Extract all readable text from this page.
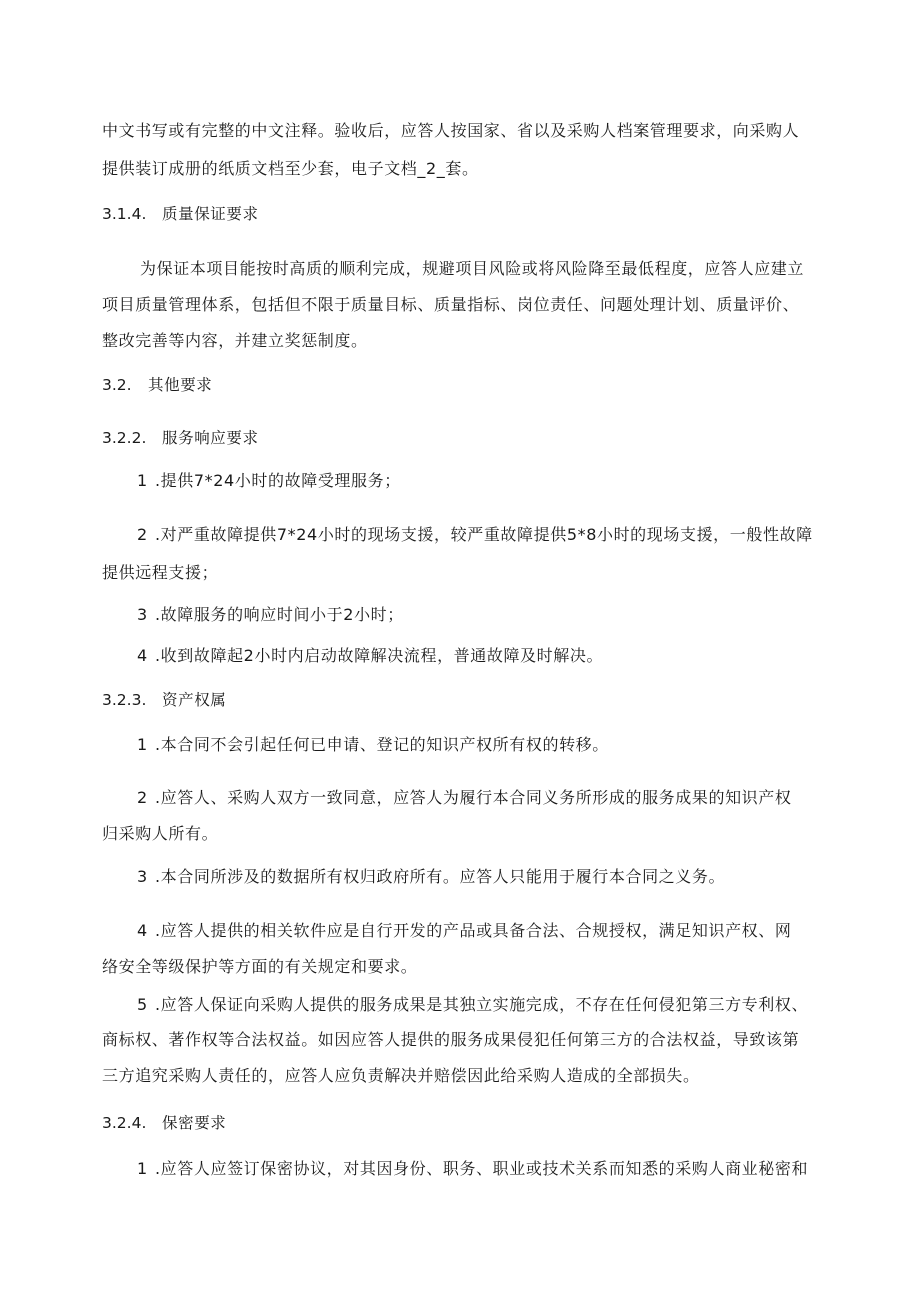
中文书写或有完整的中文注释。验收后，应答人按国家、省以及采购人档案管理要求，向采购人
提供装订成册的纸质文档至少套，电子文档_2_套。
3.1.4. 质量保证要求
为保证本项目能按时高质的顺利完成，规避项目风险或将风险降至最低程度，应答人应建立
项目质量管理体系，包括但不限于质量目标、质量指标、岗位责任、问题处理计划、质量评价、
整改完善等内容，并建立奖惩制度。
3.2. 其他要求
3.2.2. 服务响应要求
1 .提供7*24小时的故障受理服务；
2 .对严重故障提供7*24小时的现场支援，较严重故障提供5*8小时的现场支援，一般性故障
提供远程支援；
3 .故障服务的响应时间小于2小时；
4 .收到故障起2小时内启动故障解决流程，普通故障及时解决。
3.2.3. 资产权属
1 .本合同不会引起任何已申请、登记的知识产权所有权的转移。
2 .应答人、采购人双方一致同意，应答人为履行本合同义务所形成的服务成果的知识产权
归采购人所有。
3 .本合同所涉及的数据所有权归政府所有。应答人只能用于履行本合同之义务。
4 .应答人提供的相关软件应是自行开发的产品或具备合法、合规授权，满足知识产权、网
络安全等级保护等方面的有关规定和要求。
5 .应答人保证向采购人提供的服务成果是其独立实施完成，不存在任何侵犯第三方专利权、
商标权、著作权等合法权益。如因应答人提供的服务成果侵犯任何第三方的合法权益，导致该第
三方追究采购人责任的，应答人应负责解决并赔偿因此给采购人造成的全部损失。
3.2.4. 保密要求
1 .应答人应签订保密协议，对其因身份、职务、职业或技术关系而知悉的采购人商业秘密和
